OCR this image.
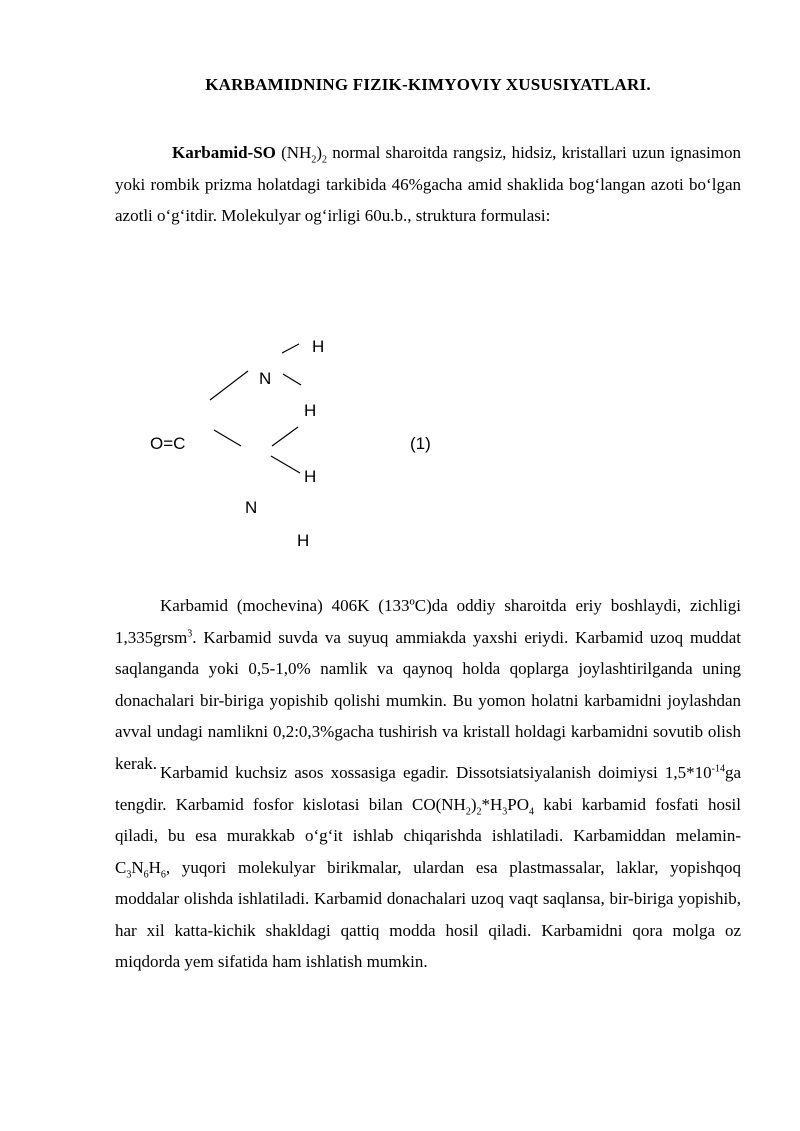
KARBAMIDNING FIZIK-KIMYOVIY XUSUSIYATLARI.
Karbamid-SO $(NH_2)_2$ normal sharoitda rangsiz, hidsiz, kristallari uzun ignasimon yoki rombik prizma holatdagi tarkibida 46%gacha amid shaklida bog‘langan azoti bo‘lgan azotli o‘g‘itdir. Molekulyar og‘irligi 60u.b., struktura formulasi:
H
N
H
O=C	(1)
H
N
H
Karbamid (mochevina) 406K (133ºC)da oddiy sharoitda eriy boshlaydi, zichligi 1,335grsm$^3$. Karbamid suvda va suyuq ammiakda yaxshi eriydi. Karbamid uzoq muddat saqlanganda yoki 0,5-1,0% namlik va qaynoq holda qoplarga joylashtirilganda uning donachalari bir-biriga yopishib qolishi mumkin. Bu yomon holatni karbamidni joylashdan avval undagi namlikni 0,2:0,3%gacha tushirish va kristall holdagi karbamidni sovutib olish kerak. Karbamid kuchsiz asos xossasiga egadir. Dissotsiatsiyalanish doimiysi $1,5*10^{-14}ga$ tengdir. Karbamid fosfor kislotasi bilan $CO(NH_2)_2*H_3PO_4$ kabi karbamid fosfati hosil qiladi, bu esa murakkab o‘g‘it ishlab chiqarishda ishlatiladi. Karbamiddan melamin-$C_3N_6H_6$, yuqori molekulyar birikmalar, ulardan esa plastmassalar, laklar, yopishqoq moddalar olishda ishlatiladi. Karbamid donachalari uzoq vaqt saqlansa, bir-biriga yopishib, har xil katta-kichik shakldagi qattiq modda hosil qiladi. Karbamidni qora molga oz miqdorda yem sifatida ham ishlatish mumkin.
